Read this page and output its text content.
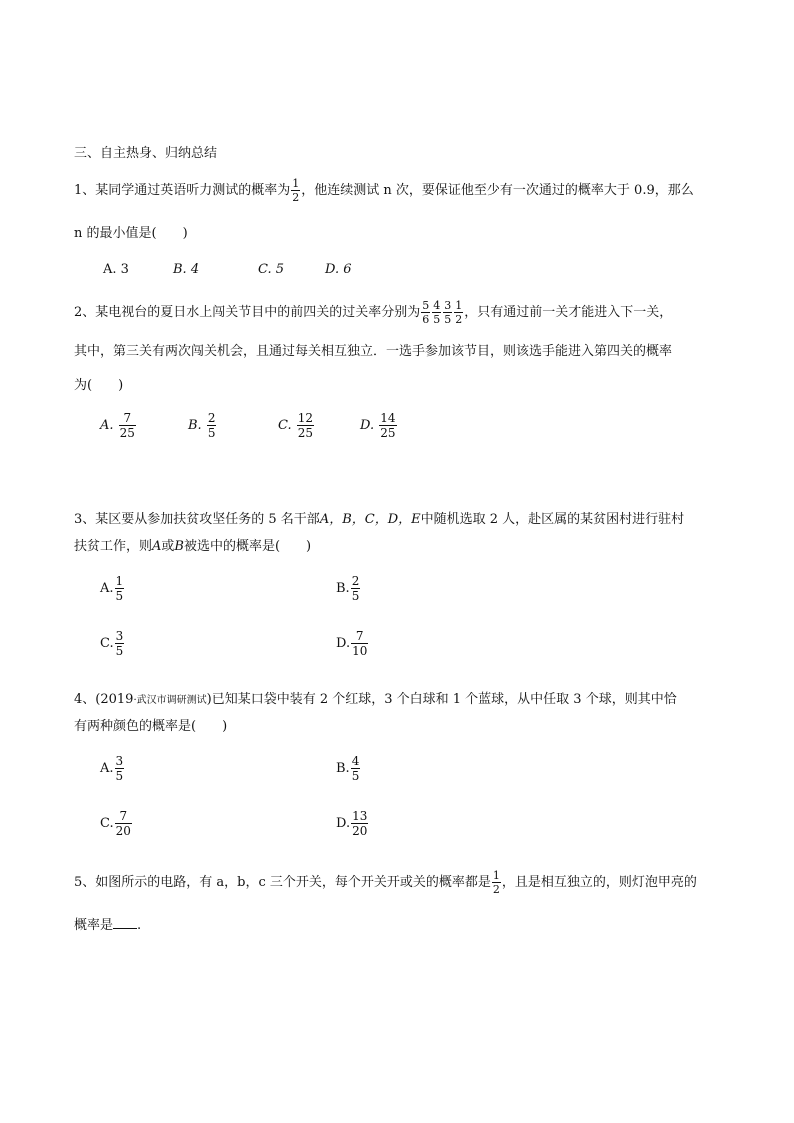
三、自主热身、归纳总结
1、某同学通过英语听力测试的概率为 $\frac{1}{2}$ ，他连续测试 n 次，要保证他至少有一次通过的概率大于 0.9，那么
n 的最小值是(　　)
A. 3	B. 4	C. 5	D. 6
2、某电视台的夏日水上闯关节目中的前四关的过关率分别为 $\frac{5}{6} \frac{4}{5} \frac{3}{5} \frac{1}{2}$ ，只有通过前一关才能进入下一关，
其中，第三关有两次闯关机会，且通过每关相互独立．一选手参加该节目，则该选手能进入第四关的概率
为(　　)
A. $\frac{7}{25}$	B. $\frac{2}{5}$	C. $\frac{12}{25}$	D. $\frac{14}{25}$
3、某区要从参加扶贫攻坚任务的 5 名干部A，B，C，D，E中随机选取 2 人，赴区属的某贫困村进行驻村
扶贫工作，则A或B被选中的概率是(　　)
A. $\frac{1}{5}$	B. $\frac{2}{5}$
C. $\frac{3}{5}$	D. $\frac{7}{10}$
4、(2019·武汉市调研测试)已知某口袋中装有 2 个红球，3 个白球和 1 个蓝球，从中任取 3 个球，则其中恰
有两种颜色的概率是(　　)
A. $\frac{3}{5}$	B. $\frac{4}{5}$
C. $\frac{7}{20}$	D. $\frac{13}{20}$
5、如图所示的电路，有 a，b，c 三个开关，每个开关开或关的概率都是 $\frac{1}{2}$ ，且是相互独立的，则灯泡甲亮的
概率是 .
